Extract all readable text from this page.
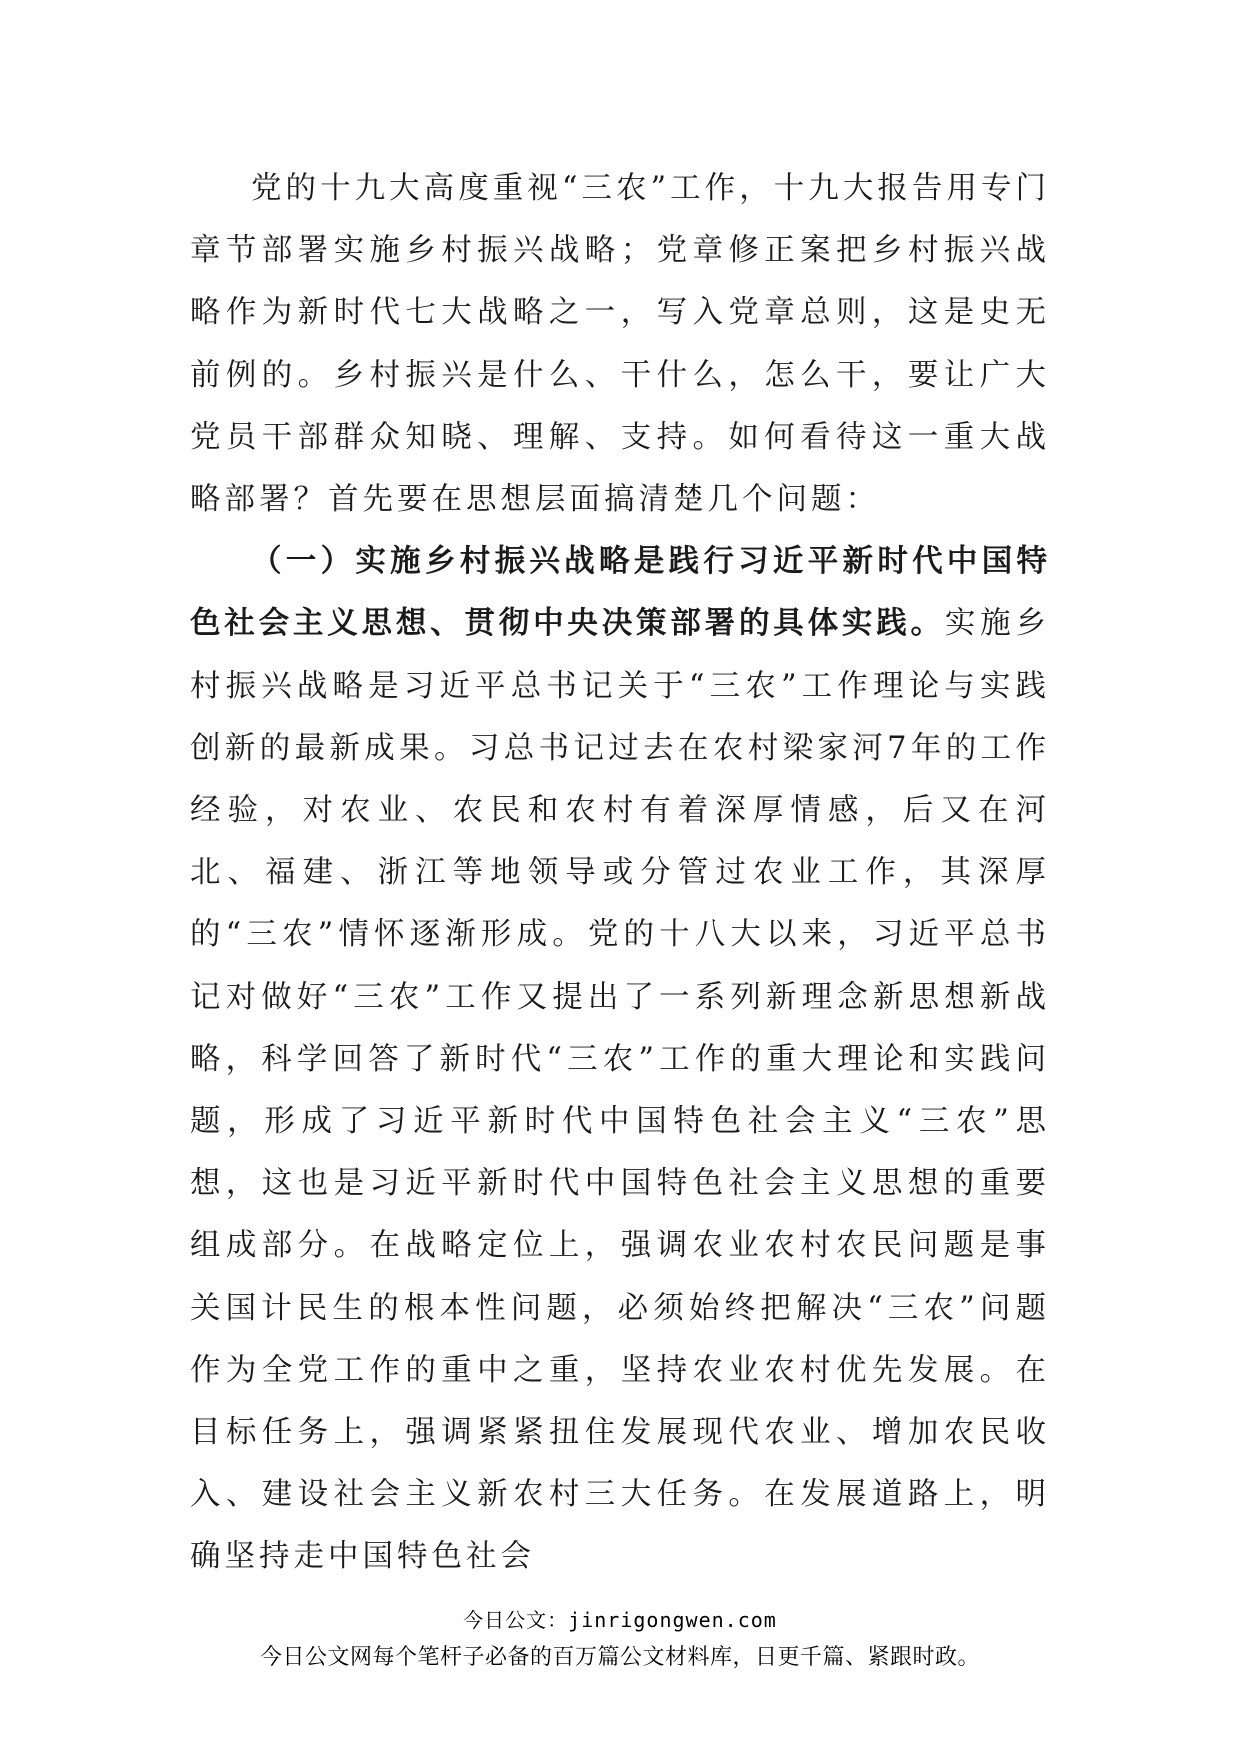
党的十九大高度重视“三农”工作，十九大报告用专门章节部署实施乡村振兴战略；党章修正案把乡村振兴战略作为新时代七大战略之一，写入党章总则，这是史无前例的。乡村振兴是什么、干什么，怎么干，要让广大党员干部群众知晓、理解、支持。如何看待这一重大战略部署？首先要在思想层面搞清楚几个问题：

（一）实施乡村振兴战略是践行习近平新时代中国特色社会主义思想、贯彻中央决策部署的具体实践。实施乡村振兴战略是习近平总书记关于“三农”工作理论与实践创新的最新成果。习总书记过去在农村梁家河7年的工作经验，对农业、农民和农村有着深厚情感，后又在河北、福建、浙江等地领导或分管过农业工作，其深厚的“三农”情怀逐渐形成。党的十八大以来，习近平总书记对做好“三农”工作又提出了一系列新理念新思想新战略，科学回答了新时代“三农”工作的重大理论和实践问题，形成了习近平新时代中国特色社会主义“三农”思想，这也是习近平新时代中国特色社会主义思想的重要组成部分。在战略定位上，强调农业农村农民问题是事关国计民生的根本性问题，必须始终把解决“三农”问题作为全党工作的重中之重，坚持农业农村优先发展。在目标任务上，强调紧紧扭住发展现代农业、增加农民收入、建设社会主义新农村三大任务。在发展道路上，明确坚持走中国特色社会

今日公文：jinrigongwen.com
今日公文网每个笔杆子必备的百万篇公文材料库，日更千篇、紧跟时政。
